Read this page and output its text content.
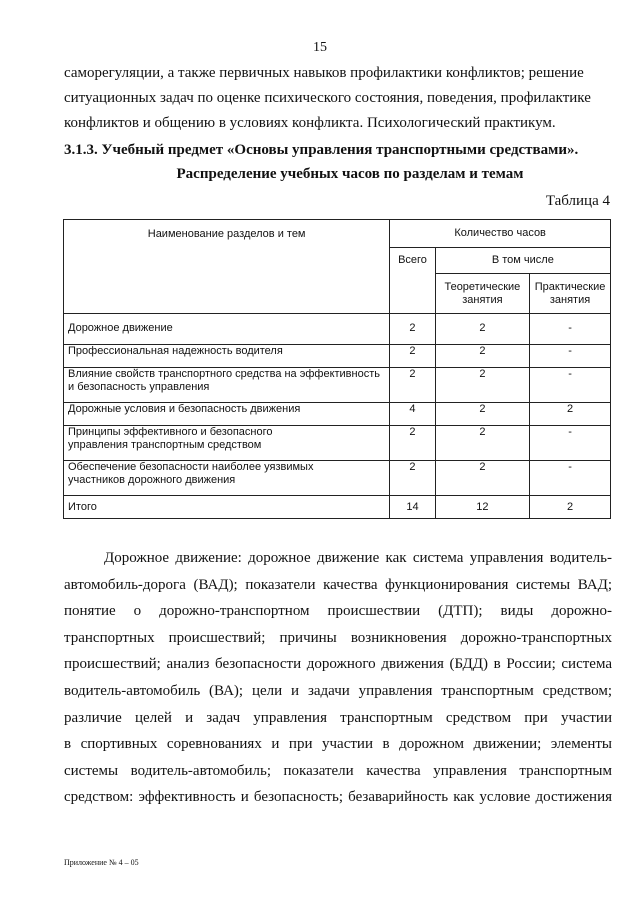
15
саморегуляции, а также первичных навыков профилактики конфликтов; решение
ситуационных задач по оценке психического состояния, поведения, профилактике
конфликтов и общению в условиях конфликта. Психологический практикум.
3.1.3. Учебный предмет «Основы управления транспортными средствами».
Распределение учебных часов по разделам и темам
Таблица 4
Наименование разделов и тем	Количество часов		
	Всего	В том числе	
		Теоретические занятия	Практические занятия
Дорожное движение	2	2	-
Профессиональная надежность водителя	2	2	-
Влияние свойств транспортного средства на эффективность и безопасность управления	2	2	-
Дорожные условия и безопасность движения	4	2	2
Принципы эффективного и безопасного управления транспортным средством	2	2	-
Обеспечение безопасности наиболее уязвимых участников дорожного движения	2	2	-
Итого	14	12	2
Дорожное движение: дорожное движение как система управления водитель-
автомобиль-дорога (ВАД); показатели качества функционирования системы ВАД;
понятие о дорожно-транспортном происшествии (ДТП); виды дорожно-
транспортных происшествий; причины возникновения дорожно-транспортных
происшествий; анализ безопасности дорожного движения (БДД) в России; система
водитель-автомобиль (ВА); цели и задачи управления транспортным средством;
различие целей и задач управления транспортным средством при участии
в спортивных соревнованиях и при участии в дорожном движении; элементы
системы водитель-автомобиль; показатели качества управления транспортным
средством: эффективность и безопасность; безаварийность как условие достижения
Приложение № 4 – 05
